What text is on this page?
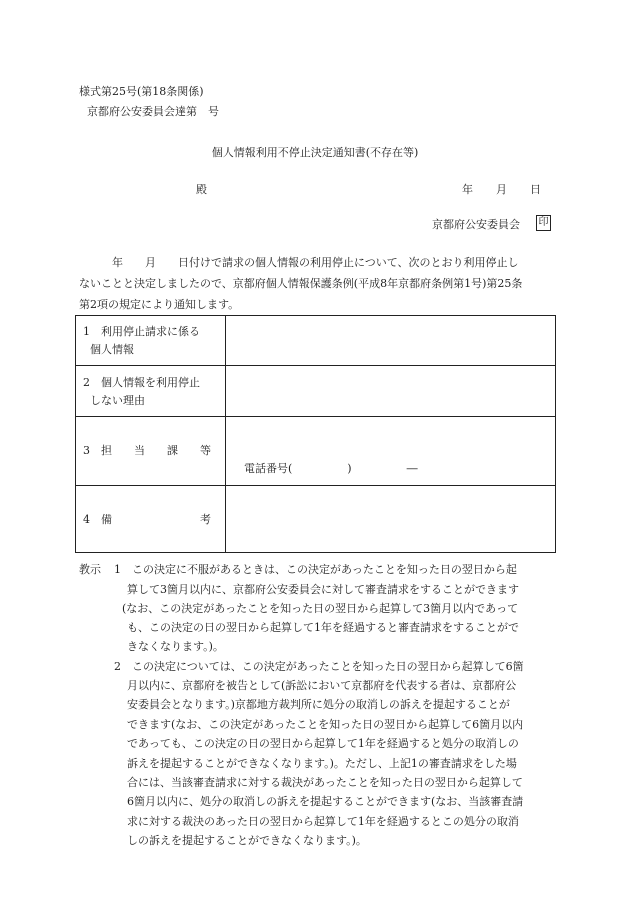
様式第25号(第18条関係)
京都府公安委員会達第　号
個人情報利用不停止決定通知書(不存在等)
殿	年 月 日
京都府公安委員会 印
　　　年　　月　　日付けで請求の個人情報の利用停止について、次のとおり利用停止し
ないことと決定しましたので、京都府個人情報保護条例(平成8年京都府条例第1号)第25条
第2項の規定により通知します。
1　利用停止請求に係る
個人情報	

2　個人情報を利用停止
しない理由	

3　担　　当　　課　　等	電話番号(　　　　　)　　　　　―

4　備　　　　　　　　考	

教示 1　この決定に不服があるときは、この決定があったことを知った日の翌日から起
算して3箇月以内に、京都府公安委員会に対して審査請求をすることができます
(なお、この決定があったことを知った日の翌日から起算して3箇月以内であって
も、この決定の日の翌日から起算して1年を経過すると審査請求をすることがで
きなくなります。)。
2　この決定については、この決定があったことを知った日の翌日から起算して6箇
月以内に、京都府を被告として(訴訟において京都府を代表する者は、京都府公
安委員会となります。)京都地方裁判所に処分の取消しの訴えを提起することが
できます(なお、この決定があったことを知った日の翌日から起算して6箇月以内
であっても、この決定の日の翌日から起算して1年を経過すると処分の取消しの
訴えを提起することができなくなります。)。ただし、上記1の審査請求をした場
合には、当該審査請求に対する裁決があったことを知った日の翌日から起算して
6箇月以内に、処分の取消しの訴えを提起することができます(なお、当該審査請
求に対する裁決のあった日の翌日から起算して1年を経過するとこの処分の取消
しの訴えを提起することができなくなります。)。
